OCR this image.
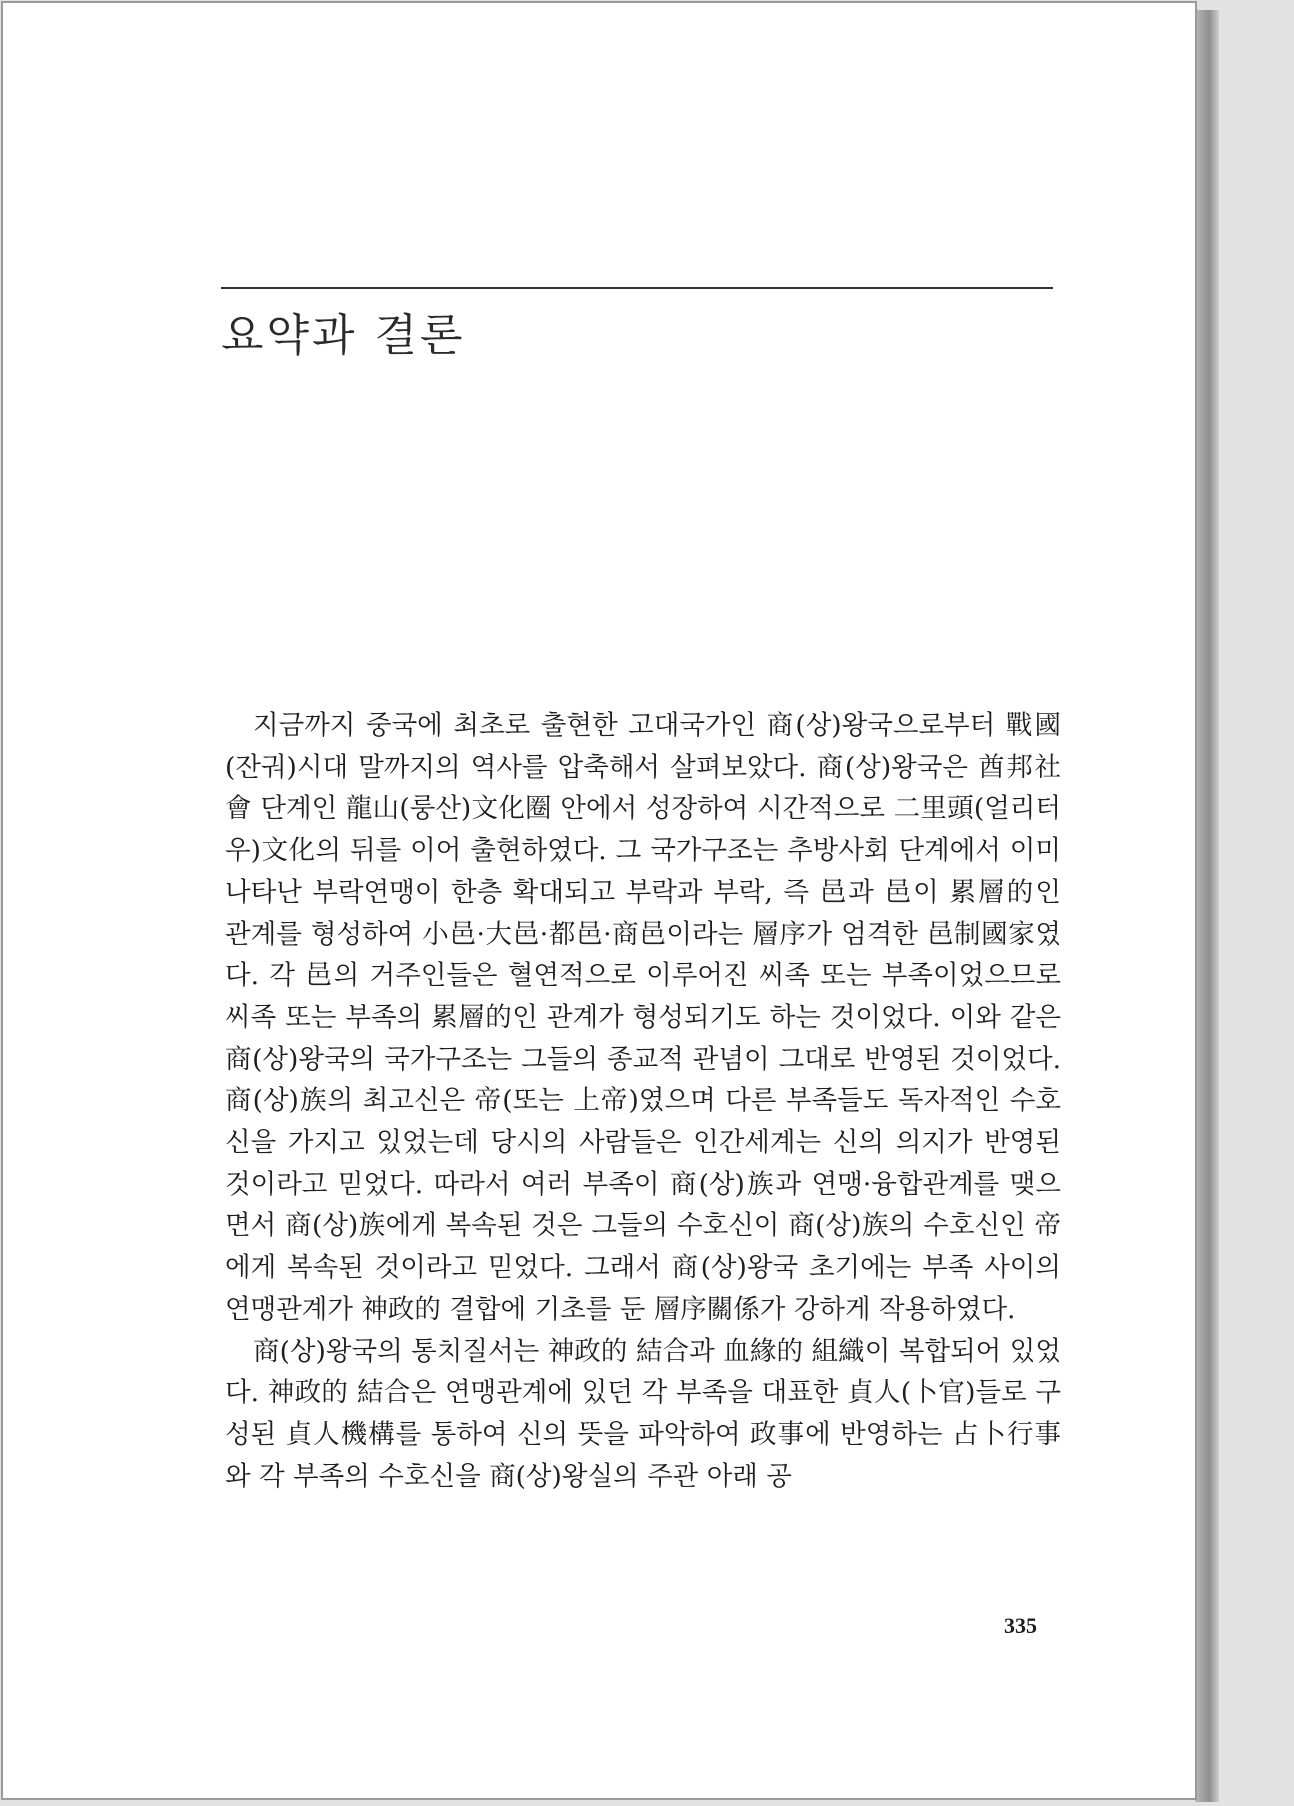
요약과 결론

지금까지 중국에 최초로 출현한 고대국가인 商(상)왕국으로부터 戰國(잔궈)시대 말까지의 역사를 압축해서 살펴보았다. 商(상)왕국은 酋邦社會 단계인 龍山(룽산)文化圈 안에서 성장하여 시간적으로 二里頭(얼리터우)文化의 뒤를 이어 출현하였다. 그 국가구조는 추방사회 단계에서 이미 나타난 부락연맹이 한층 확대되고 부락과 부락, 즉 邑과 邑이 累層的인 관계를 형성하여 小邑·大邑·都邑·商邑이라는 層序가 엄격한 邑制國家였다. 각 邑의 거주인들은 혈연적으로 이루어진 씨족 또는 부족이었으므로 씨족 또는 부족의 累層的인 관계가 형성되기도 하는 것이었다. 이와 같은 商(상)왕국의 국가구조는 그들의 종교적 관념이 그대로 반영된 것이었다. 商(상)族의 최고신은 帝(또는 上帝)였으며 다른 부족들도 독자적인 수호신을 가지고 있었는데 당시의 사람들은 인간세계는 신의 의지가 반영된 것이라고 믿었다. 따라서 여러 부족이 商(상)族과 연맹·융합관계를 맺으면서 商(상)族에게 복속된 것은 그들의 수호신이 商(상)族의 수호신인 帝에게 복속된 것이라고 믿었다. 그래서 商(상)왕국 초기에는 부족 사이의 연맹관계가 神政的 결합에 기초를 둔 層序關係가 강하게 작용하였다.

商(상)왕국의 통치질서는 神政的 結合과 血緣的 組織이 복합되어 있었다. 神政的 結合은 연맹관계에 있던 각 부족을 대표한 貞人(卜官)들로 구성된 貞人機構를 통하여 신의 뜻을 파악하여 政事에 반영하는 占卜行事와 각 부족의 수호신을 商(상)왕실의 주관 아래 공

335
